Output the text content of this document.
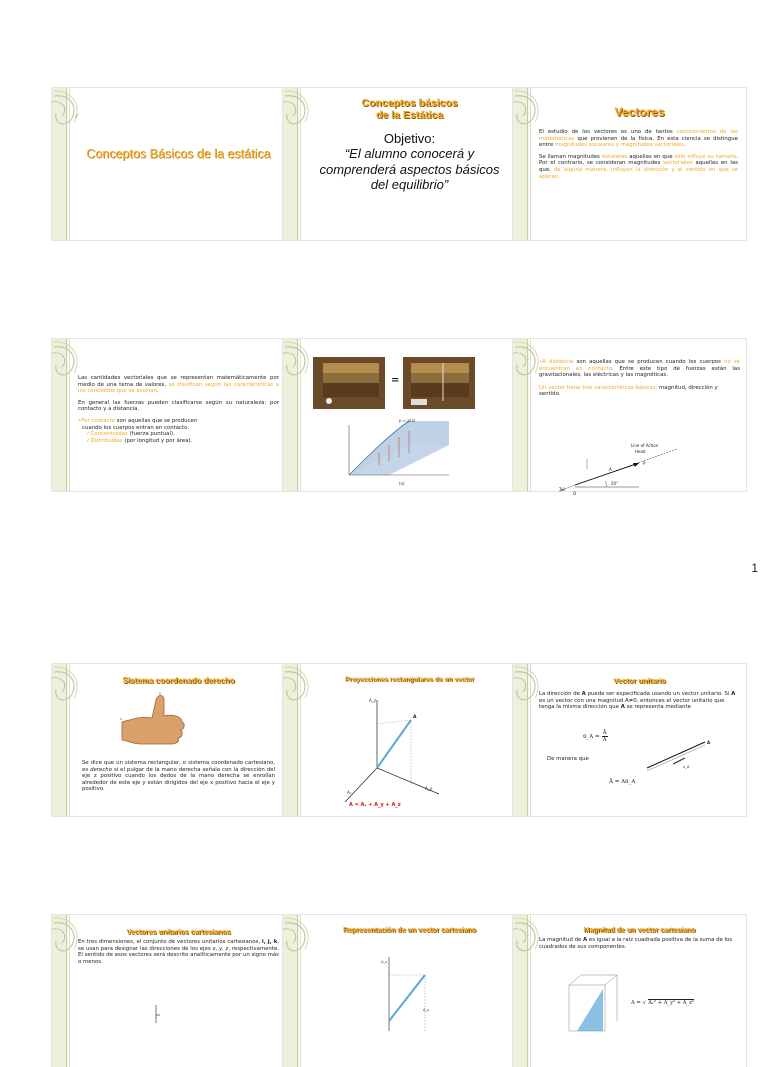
✓
Conceptos Básicos de la estática
Conceptos básicos
de la Estática
Objetivo:
“El alumno conocerá y comprenderá aspectos básicos del equilibrio”
Vectores

El estudio de los vectores es uno de tantos conocimientos de las matemáticas que provienen de la física. En esta ciencia se distingue entre magnitudes escalares y magnitudes vectoriales.

Se llaman magnitudes escalares aquellas en que sólo influye su tamaño. Por el contrario, se consideran magnitudes vectoriales aquellas en las que, de alguna manera, influyen la dirección y el sentido en que se aplican.

Las cantidades vectoriales que se representan matemáticamente por medio de una tema de valores, se clasifican según las características a los conceptos que se asocian.

En general las fuerzas pueden clasificarse según su naturaleza: por contacto y a distancia.

•Por contacto son aquellas que se producen
cuando los cuerpos entran en contacto.
✓Concentradas (fuerza puntual).
✓Distribuidas (por longitud y por área).
=
p = p(x)
(a)

•A distancia son aquellas que se producen cuando los cuerpos no se encuentran en contacto. Entre este tipo de fuerzas están las gravitacionales, las eléctricas y las magnéticas.

Un vector tiene tres características básicas: magnitud, dirección y sentido.

Line of Action
Head
Tail
A
O
P
20°
1
Sistema coordenado derecho
x
Se dice que un sistema rectangular, o sistema coordenado cartesiano, es derecho si el pulgar de la mano derecha señala con la dirección del eje z positivo cuando los dedos de la mano derecha se enrollan alrededor de este eje y están dirigidos del eje x positivo hacia el eje y positivo.
Proyecciones rectangulares de un vector
A
Aₓ
A_y
A_z
A = Aₓ + A_y + A_z
Vector unitario
La dirección de A puede ser especificada usando un vector unitario. Si A es un vector con una magnitud A≠0, entonces el vector unitario que tenga la misma dirección que A se representa mediante
ū_A = $\frac{Ā}{A}$
De manera que
Ā = Aū_A
A
u_A
Vectores unitarios cartesianos
En tres dimensiones, el conjunto de vectores unitarios cartesianos, i, j, k, se usan para designar las direcciones de los ejes x, y, z, respectivamente. El sentido de esos vectores será descrito analíticamente por un signo más o menos.
Representación de un vector cartesiano
A_z
A_y
Magnitud de un vector cartesiano
La magnitud de A es igual a la raíz cuadrada positiva de la suma de los cuadrados de sus componentes.
A = √ Aₓ² + A_y² + A_z²
